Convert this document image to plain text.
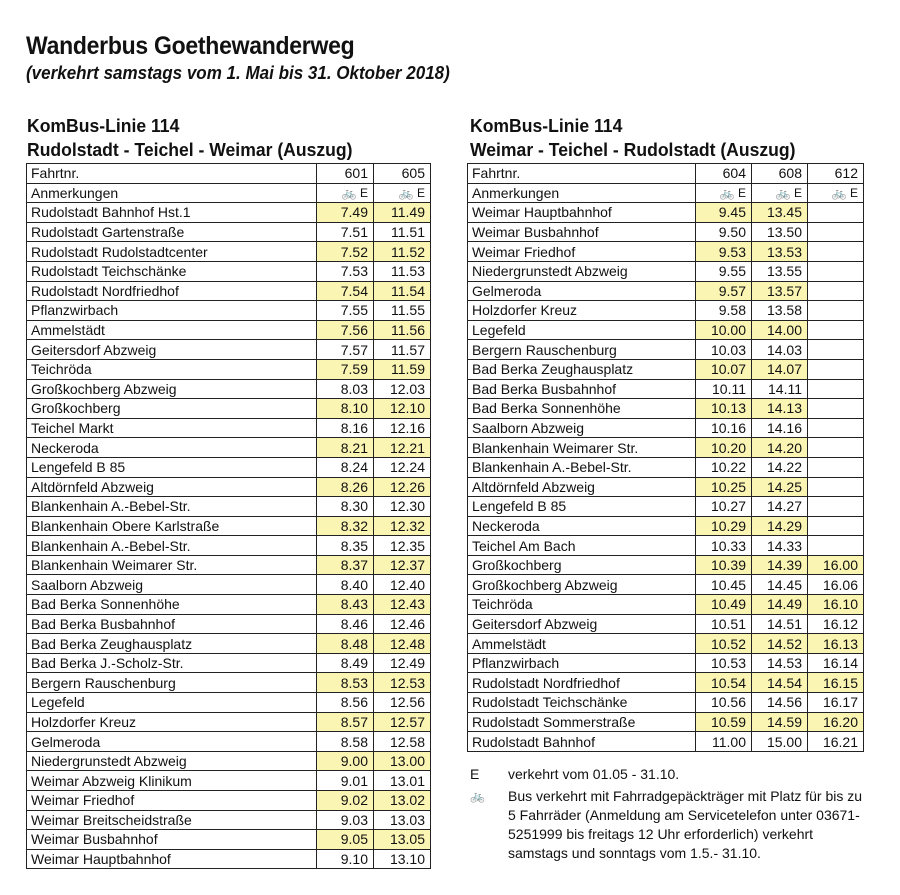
Wanderbus Goethewanderweg
(verkehrt samstags vom 1. Mai bis 31. Oktober 2018)
KomBus-Linie 114
Rudolstadt - Teichel - Weimar (Auszug)
KomBus-Linie 114
Weimar - Teichel - Rudolstadt (Auszug)
Fahrtnr.	601	605
Anmerkungen	🚲 E	🚲 E
Rudolstadt Bahnhof Hst.1	7.49	11.49
Rudolstadt Gartenstraße	7.51	11.51
Rudolstadt Rudolstadtcenter	7.52	11.52
Rudolstadt Teichschänke	7.53	11.53
Rudolstadt Nordfriedhof	7.54	11.54
Pflanzwirbach	7.55	11.55
Ammelstädt	7.56	11.56
Geitersdorf Abzweig	7.57	11.57
Teichröda	7.59	11.59
Großkochberg Abzweig	8.03	12.03
Großkochberg	8.10	12.10
Teichel Markt	8.16	12.16
Neckeroda	8.21	12.21
Lengefeld B 85	8.24	12.24
Altdörnfeld Abzweig	8.26	12.26
Blankenhain A.-Bebel-Str.	8.30	12.30
Blankenhain Obere Karlstraße	8.32	12.32
Blankenhain A.-Bebel-Str.	8.35	12.35
Blankenhain Weimarer Str.	8.37	12.37
Saalborn Abzweig	8.40	12.40
Bad Berka Sonnenhöhe	8.43	12.43
Bad Berka Busbahnhof	8.46	12.46
Bad Berka Zeughausplatz	8.48	12.48
Bad Berka J.-Scholz-Str.	8.49	12.49
Bergern Rauschenburg	8.53	12.53
Legefeld	8.56	12.56
Holzdorfer Kreuz	8.57	12.57
Gelmeroda	8.58	12.58
Niedergrunstedt Abzweig	9.00	13.00
Weimar Abzweig Klinikum	9.01	13.01
Weimar Friedhof	9.02	13.02
Weimar Breitscheidstraße	9.03	13.03
Weimar Busbahnhof	9.05	13.05
Weimar Hauptbahnhof	9.10	13.10
Fahrtnr.	604	608	612
Anmerkungen	🚲 E	🚲 E	🚲 E
Weimar Hauptbahnhof	9.45	13.45	
Weimar Busbahnhof	9.50	13.50	
Weimar Friedhof	9.53	13.53	
Niedergrunstedt Abzweig	9.55	13.55	
Gelmeroda	9.57	13.57	
Holzdorfer Kreuz	9.58	13.58	
Legefeld	10.00	14.00	
Bergern Rauschenburg	10.03	14.03	
Bad Berka Zeughausplatz	10.07	14.07	
Bad Berka Busbahnhof	10.11	14.11	
Bad Berka Sonnenhöhe	10.13	14.13	
Saalborn Abzweig	10.16	14.16	
Blankenhain Weimarer Str.	10.20	14.20	
Blankenhain A.-Bebel-Str.	10.22	14.22	
Altdörnfeld Abzweig	10.25	14.25	
Lengefeld B 85	10.27	14.27	
Neckeroda	10.29	14.29	
Teichel Am Bach	10.33	14.33	
Großkochberg	10.39	14.39	16.00
Großkochberg Abzweig	10.45	14.45	16.06
Teichröda	10.49	14.49	16.10
Geitersdorf Abzweig	10.51	14.51	16.12
Ammelstädt	10.52	14.52	16.13
Pflanzwirbach	10.53	14.53	16.14
Rudolstadt Nordfriedhof	10.54	14.54	16.15
Rudolstadt Teichschänke	10.56	14.56	16.17
Rudolstadt Sommerstraße	10.59	14.59	16.20
Rudolstadt Bahnhof	11.00	15.00	16.21
E	verkehrt vom 01.05 - 31.10.
🚲	Bus verkehrt mit Fahrradgepäckträger mit Platz für bis zu 5 Fahrräder (Anmeldung am Servicetelefon unter 03671-5251999 bis freitags 12 Uhr erforderlich) verkehrt samstags und sonntags vom 1.5.- 31.10.
